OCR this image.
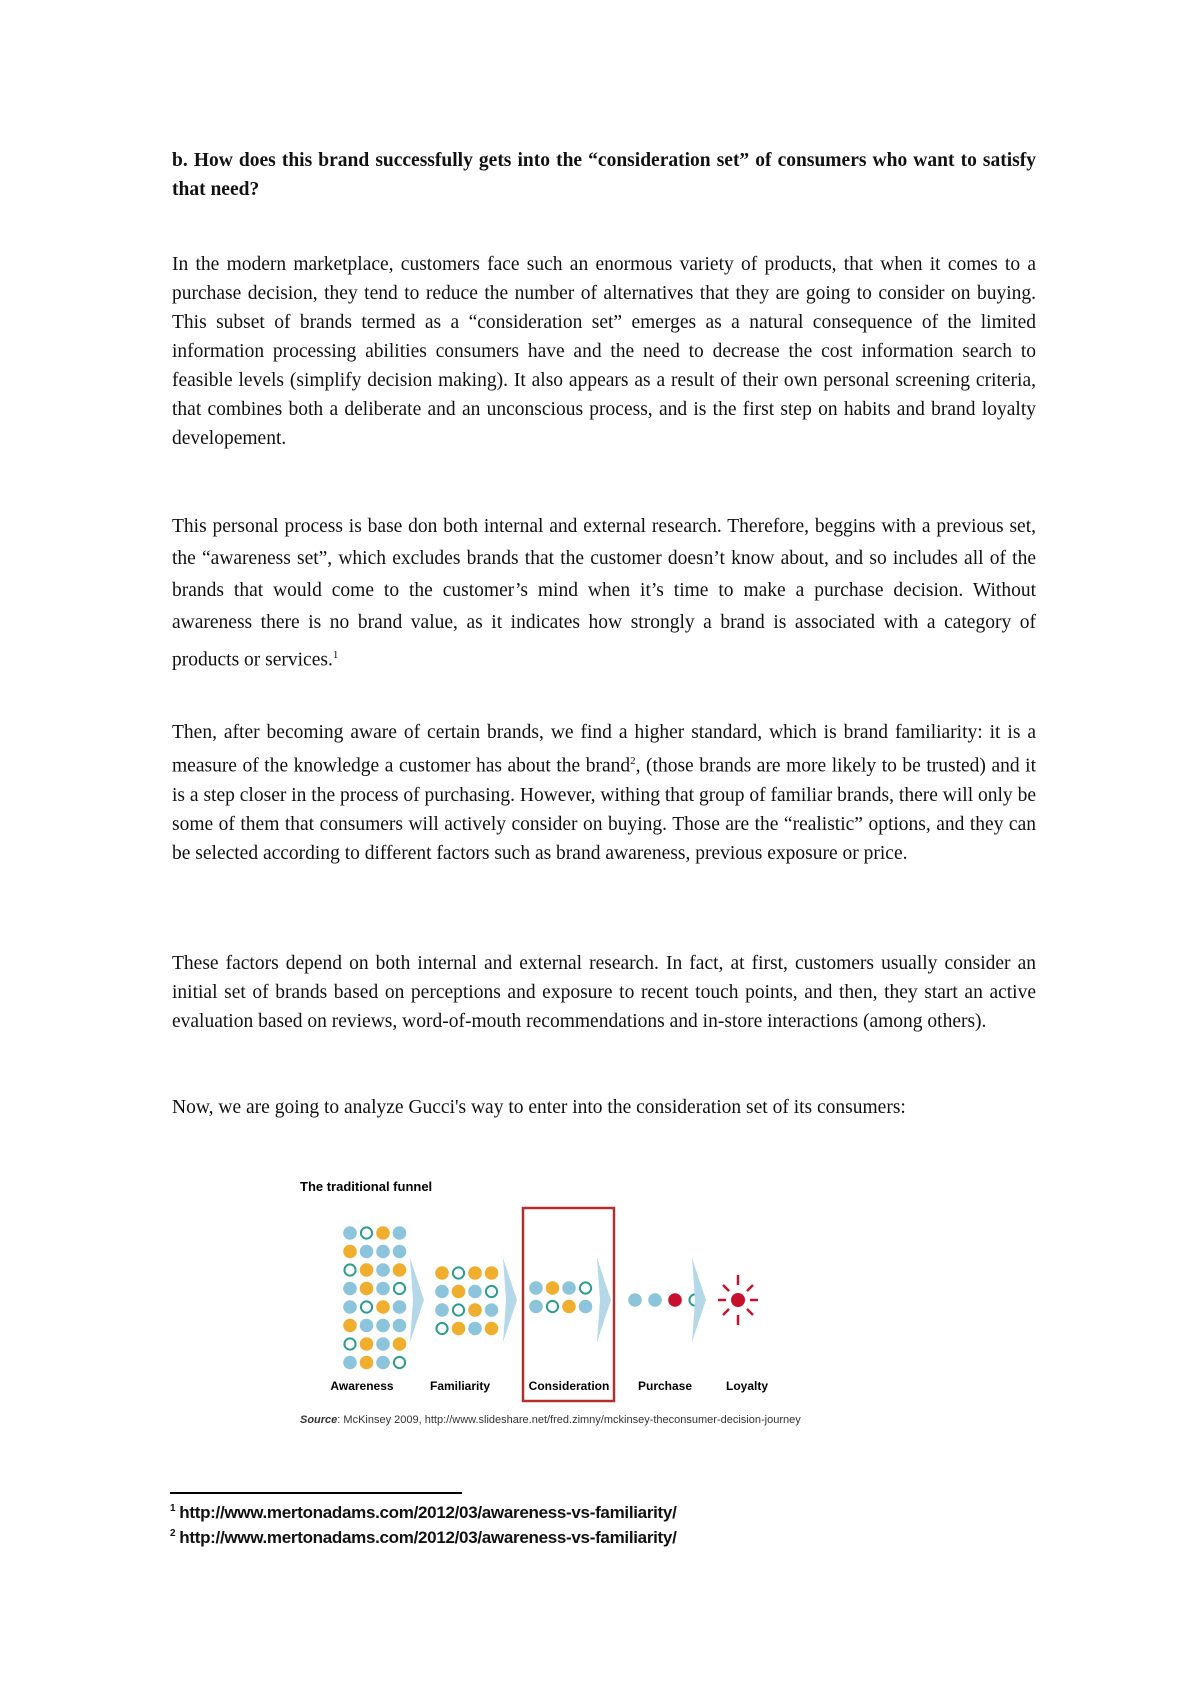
b. How does this brand successfully gets into the “consideration set” of consumers who want to satisfy that need?

In the modern marketplace, customers face such an enormous variety of products, that when it comes to a purchase decision, they tend to reduce the number of alternatives that they are going to consider on buying. This subset of brands termed as a “consideration set” emerges as a natural consequence of the limited information processing abilities consumers have and the need to decrease the cost information search to feasible levels (simplify decision making). It also appears as a result of their own personal screening criteria, that combines both a deliberate and an unconscious process, and is the first step on habits and brand loyalty developement.

This personal process is base don both internal and external research. Therefore, beggins with a previous set, the “awareness set”, which excludes brands that the customer doesn’t know about, and so includes all of the brands that would come to the customer’s mind when it’s time to make a purchase decision. Without awareness there is no brand value, as it indicates how strongly a brand is associated with a category of products or services.$^1$

Then, after becoming aware of certain brands, we find a higher standard, which is brand familiarity: it is a measure of the knowledge a customer has about the brand$^2$, (those brands are more likely to be trusted) and it is a step closer in the process of purchasing. However, withing that group of familiar brands, there will only be some of them that consumers will actively consider on buying. Those are the “realistic” options, and they can be selected according to different factors such as brand awareness, previous exposure or price.

These factors depend on both internal and external research. In fact, at first, customers usually consider an initial set of brands based on perceptions and exposure to recent touch points, and then, they start an active evaluation based on reviews, word-of-mouth recommendations and in-store interactions (among others).

Now, we are going to analyze Gucci's way to enter into the consideration set of its consumers:

The traditional funnel
Awareness	Familiarity	Consideration Purchase	Loyalty
Source: McKinsey 2009, http://www.slideshare.net/fred.zimny/mckinsey-theconsumer-decision-journey
$^1$ http://www.mertonadams.com/2012/03/awareness-vs-familiarity/
$^2$ http://www.mertonadams.com/2012/03/awareness-vs-familiarity/
